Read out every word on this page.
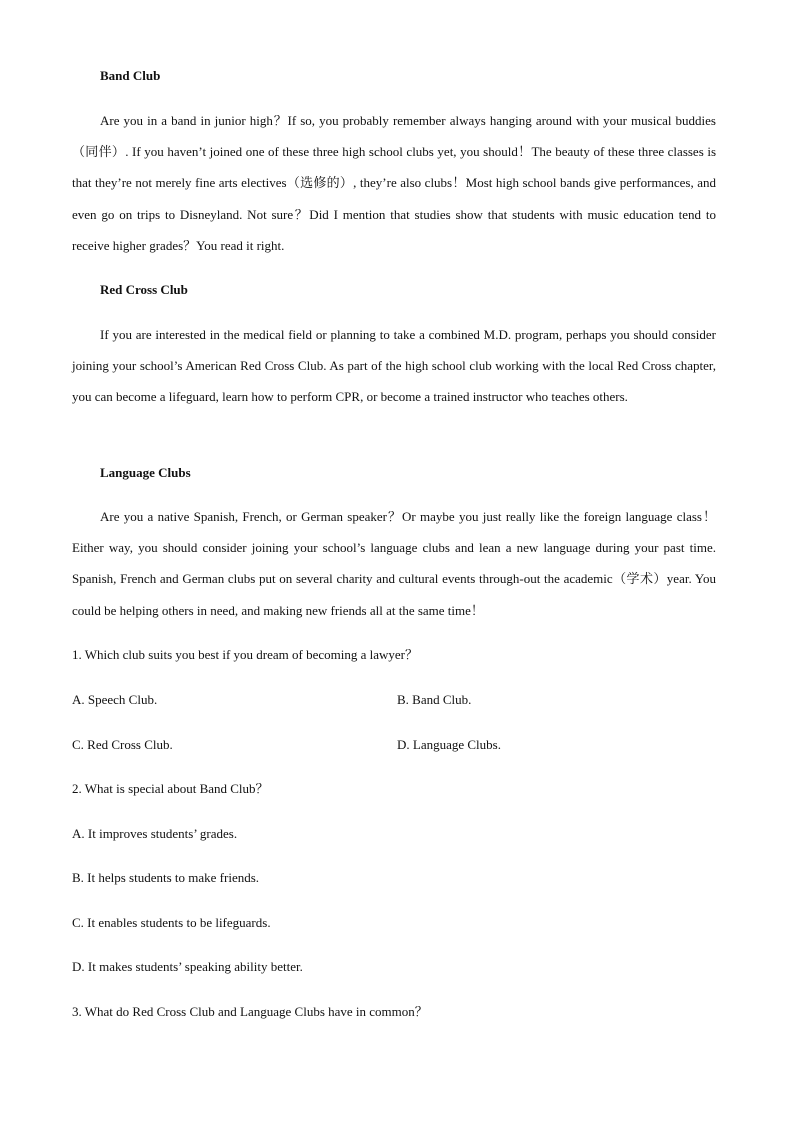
Band Club

Are you in a band in junior high？If so, you probably remember always hanging around with your musical buddies（同伴）. If you haven’t joined one of these three high school clubs yet, you should！The beauty of these three classes is that they’re not merely fine arts electives（选修的）, they’re also clubs！Most high school bands give performances, and even go on trips to Disneyland. Not sure？Did I mention that studies show that students with music education tend to receive higher grades？You read it right.

Red Cross Club

If you are interested in the medical field or planning to take a combined M.D. program, perhaps you should consider joining your school’s American Red Cross Club. As part of the high school club working with the local Red Cross chapter, you can become a lifeguard, learn how to perform CPR, or become a trained instructor who teaches others.

Language Clubs

Are you a native Spanish, French, or German speaker？Or maybe you just really like the foreign language class！Either way, you should consider joining your school’s language clubs and lean a new language during your past time. Spanish, French and German clubs put on several charity and cultural events through-out the academic（学术）year. You could be helping others in need, and making new friends all at the same time！

1. Which club suits you best if you dream of becoming a lawyer？
A. Speech Club.	B. Band Club.
C. Red Cross Club.	D. Language Clubs.
2. What is special about Band Club？
A. It improves students’ grades.
B. It helps students to make friends.
C. It enables students to be lifeguards.
D. It makes students’ speaking ability better.
3. What do Red Cross Club and Language Clubs have in common？
